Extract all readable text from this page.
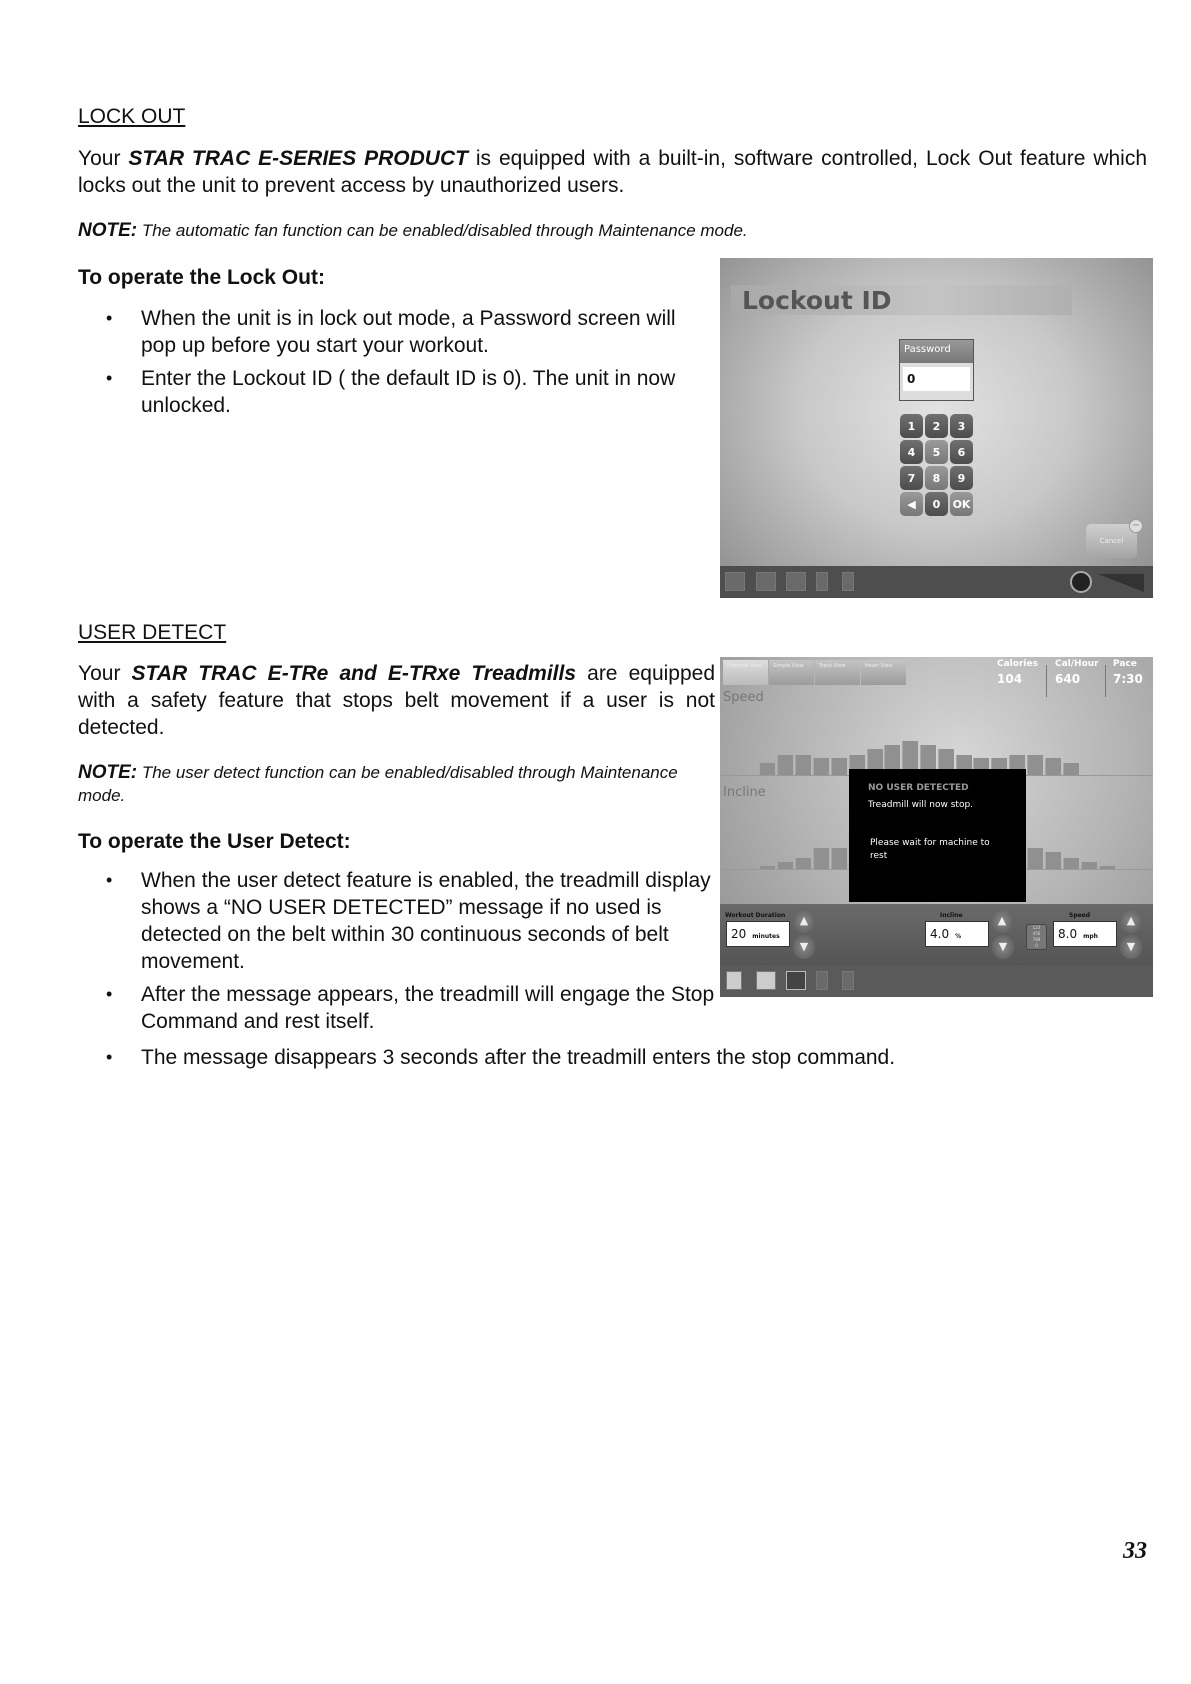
LOCK OUT
Your STAR TRAC E-SERIES PRODUCT is equipped with a built-in, software controlled, Lock Out feature which locks out the unit to prevent access by unauthorized users.
NOTE: The automatic fan function can be enabled/disabled through Maintenance mode.
To operate the Lock Out:
• When the unit is in lock out mode, a Password screen will pop up before you start your workout.
• Enter the Lockout ID ( the default ID is 0). The unit in now unlocked.
Lockout ID
Password
0
1	2	3
4	5	6
7	8	9
◀	0	OK
Cancel
−
USER DETECT
Your STAR TRAC E-TRe and E-TRxe Treadmills are equipped with a safety feature that stops belt movement if a user is not detected.
NOTE: The user detect function can be enabled/disabled through Maintenance mode.
To operate the User Detect:
• When the user detect feature is enabled, the treadmill display shows a “NO USER DETECTED” message if no used is detected on the belt within 30 continuous seconds of belt movement.
• After the message appears, the treadmill will engage the Stop Command and rest itself.
• The message disappears 3 seconds after the treadmill enters the stop command.
Progress View	Simple View	Track View	Heart View	Calories
104
Cal/Hour
640
Pace
7:30
Speed
Incline	NO USER DETECTED
Treadmill will now stop.
Please wait for machine to rest
Workout Duration
20 minutes
▲
▼
Incline
4.0 %
▲
▼
123
456
789
0
Speed
8.0 mph
▲
▼
33
